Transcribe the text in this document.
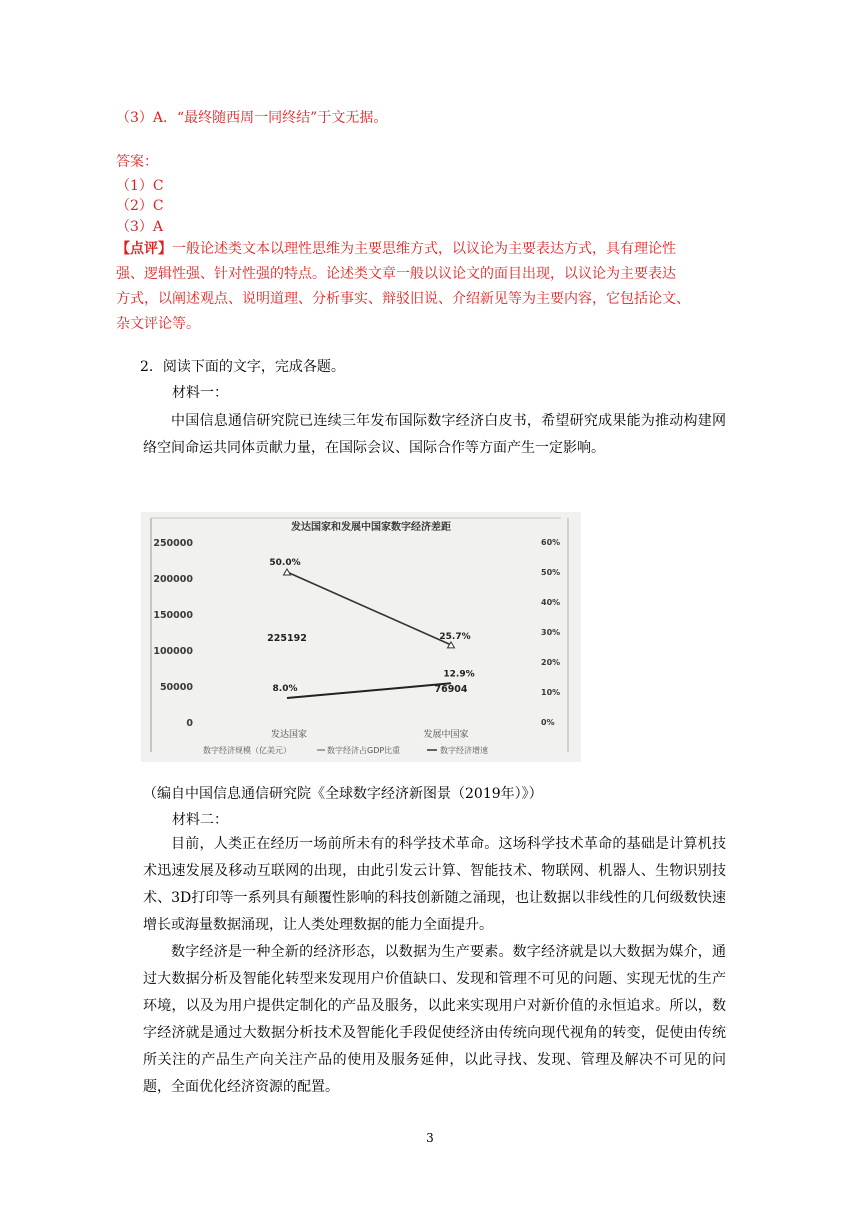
（3）A．“最终随西周一同终结”于文无据。
答案：
（1）C
（2）C
（3）A
【点评】一般论述类文本以理性思维为主要思维方式，以议论为主要表达方式，具有理论性
强、逻辑性强、针对性强的特点。论述类文章一般以议论文的面目出现，以议论为主要表达
方式，以阐述观点、说明道理、分析事实、辩驳旧说、介绍新见等为主要内容，它包括论文、
杂文评论等。
2．阅读下面的文字，完成各题。
材料一：
中国信息通信研究院已连续三年发布国际数字经济白皮书，希望研究成果能为推动构建网络空间命运共同体贡献力量，在国际会议、国际合作等方面产生一定影响。
发达国家和发展中国家数字经济差距
250000
200000
150000
100000
50000
0
60%
50%
40%
30%
20%
10%
0%
50.0%
25.7%
8.0%
12.9%
225192
76904
发达国家	发展中国家
数字经济规模（亿美元）	数字经济占GDP比重	数字经济增速
（编自中国信息通信研究院《全球数字经济新图景（2019年）》）
材料二：
目前，人类正在经历一场前所未有的科学技术革命。这场科学技术革命的基础是计算机技术迅速发展及移动互联网的出现，由此引发云计算、智能技术、物联网、机器人、生物识别技术、3D打印等一系列具有颠覆性影响的科技创新随之涌现，也让数据以非线性的几何级数快速增长或海量数据涌现，让人类处理数据的能力全面提升。
数字经济是一种全新的经济形态，以数据为生产要素。数字经济就是以大数据为媒介，通过大数据分析及智能化转型来发现用户价值缺口、发现和管理不可见的问题、实现无忧的生产环境，以及为用户提供定制化的产品及服务，以此来实现用户对新价值的永恒追求。所以，数字经济就是通过大数据分析技术及智能化手段促使经济由传统向现代视角的转变，促使由传统所关注的产品生产向关注产品的使用及服务延伸，以此寻找、发现、管理及解决不可见的问题，全面优化经济资源的配置。
3
